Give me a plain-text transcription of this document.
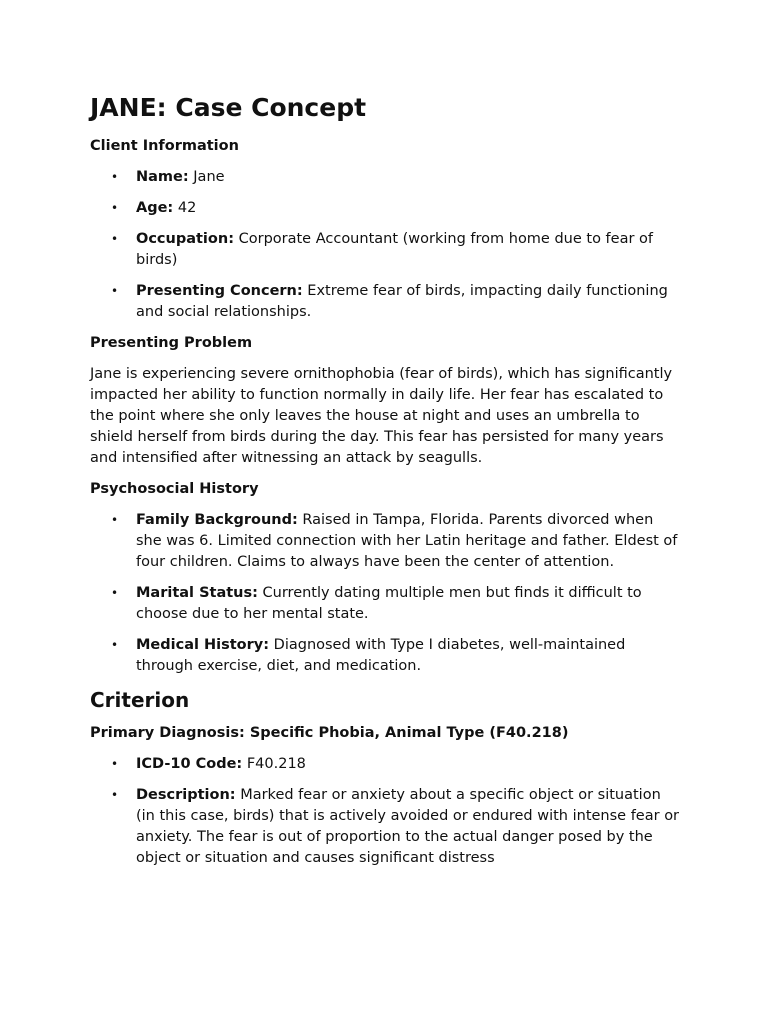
JANE: Case Concept
Client Information
• Name: Jane
• Age: 42
• Occupation: Corporate Accountant (working from home due to fear of birds)
• Presenting Concern: Extreme fear of birds, impacting daily functioning and social relationships.
Presenting Problem

Jane is experiencing severe ornithophobia (fear of birds), which has significantly impacted her ability to function normally in daily life. Her fear has escalated to the point where she only leaves the house at night and uses an umbrella to shield herself from birds during the day. This fear has persisted for many years and intensified after witnessing an attack by seagulls.

Psychosocial History
• Family Background: Raised in Tampa, Florida. Parents divorced when she was 6. Limited connection with her Latin heritage and father. Eldest of four children. Claims to always have been the center of attention.
• Marital Status: Currently dating multiple men but finds it difficult to choose due to her mental state.
• Medical History: Diagnosed with Type I diabetes, well-maintained through exercise, diet, and medication.
Criterion
Primary Diagnosis: Specific Phobia, Animal Type (F40.218)
• ICD-10 Code: F40.218
• Description: Marked fear or anxiety about a specific object or situation (in this case, birds) that is actively avoided or endured with intense fear or anxiety. The fear is out of proportion to the actual danger posed by the object or situation and causes significant distress
